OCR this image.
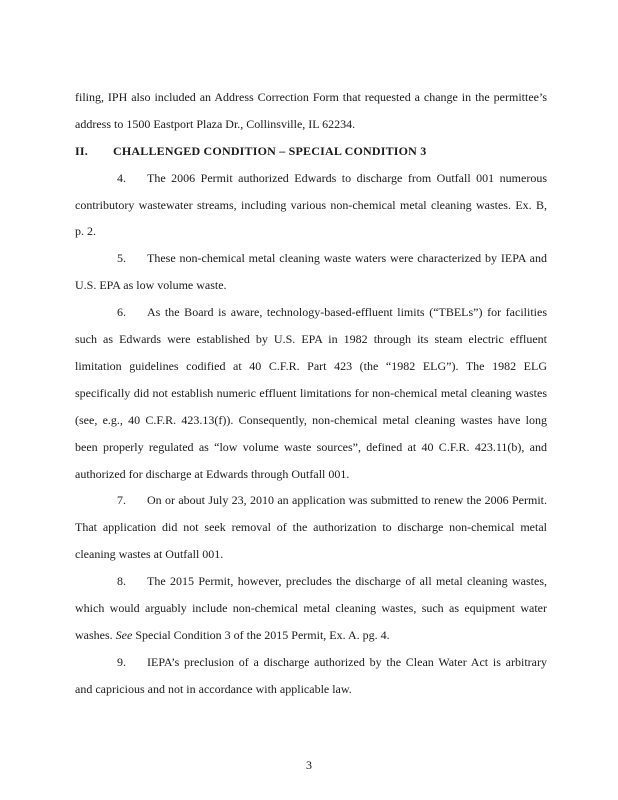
filing, IPH also included an Address Correction Form that requested a change in the permittee’s
address to 1500 Eastport Plaza Dr., Collinsville, IL 62234.
II. CHALLENGED CONDITION – SPECIAL CONDITION 3
4. The 2006 Permit authorized Edwards to discharge from Outfall 001 numerous
contributory wastewater streams, including various non-chemical metal cleaning wastes. Ex. B,
p. 2.
5. These non-chemical metal cleaning waste waters were characterized by IEPA and
U.S. EPA as low volume waste.
6. As the Board is aware, technology-based-effluent limits (“TBELs”) for facilities
such as Edwards were established by U.S. EPA in 1982 through its steam electric effluent
limitation guidelines codified at 40 C.F.R. Part 423 (the “1982 ELG”). The 1982 ELG
specifically did not establish numeric effluent limitations for non-chemical metal cleaning wastes
(see, e.g., 40 C.F.R. 423.13(f)). Consequently, non-chemical metal cleaning wastes have long
been properly regulated as “low volume waste sources”, defined at 40 C.F.R. 423.11(b), and
authorized for discharge at Edwards through Outfall 001.
7. On or about July 23, 2010 an application was submitted to renew the 2006 Permit.
That application did not seek removal of the authorization to discharge non-chemical metal
cleaning wastes at Outfall 001.
8. The 2015 Permit, however, precludes the discharge of all metal cleaning wastes,
which would arguably include non-chemical metal cleaning wastes, such as equipment water
washes. See Special Condition 3 of the 2015 Permit, Ex. A. pg. 4.
9. IEPA’s preclusion of a discharge authorized by the Clean Water Act is arbitrary
and capricious and not in accordance with applicable law.
3
